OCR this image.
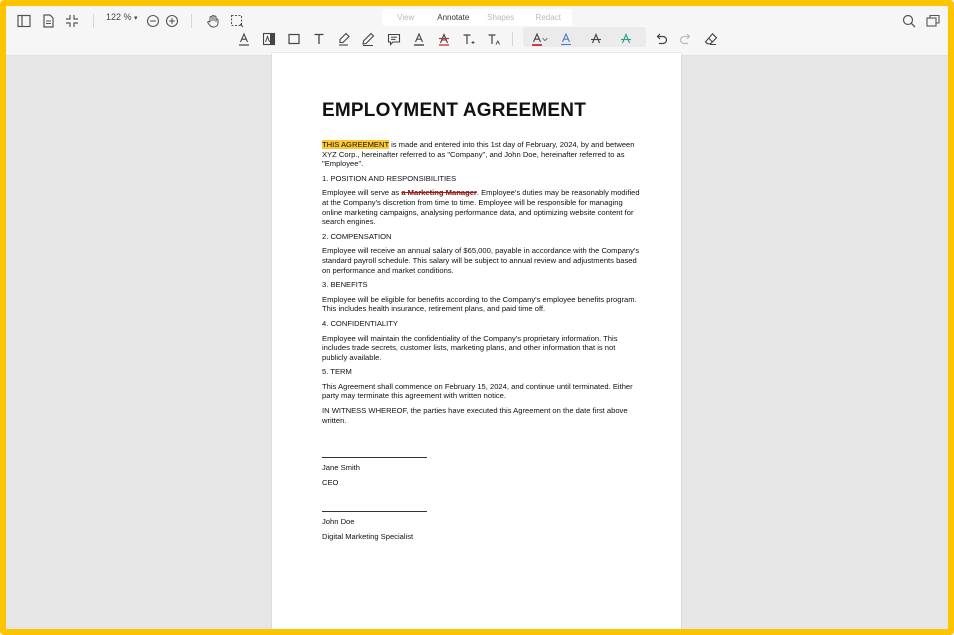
122 % ▾	View	Annotate	Shapes	Redact
EMPLOYMENT AGREEMENT

THIS AGREEMENT is made and entered into this 1st day of February, 2024, by and between XYZ Corp., hereinafter referred to as "Company", and John Doe, hereinafter referred to as "Employee".

1. POSITION AND RESPONSIBILITIES

Employee will serve as a Marketing Manager. Employee's duties may be reasonably modified at the Company's discretion from time to time. Employee will be responsible for managing online marketing campaigns, analysing performance data, and optimizing website content for search engines.

2. COMPENSATION

Employee will receive an annual salary of $65,000, payable in accordance with the Company's standard payroll schedule. This salary will be subject to annual review and adjustments based on performance and market conditions.

3. BENEFITS

Employee will be eligible for benefits according to the Company's employee benefits program. This includes health insurance, retirement plans, and paid time off.

4. CONFIDENTIALITY

Employee will maintain the confidentiality of the Company's proprietary information. This includes trade secrets, customer lists, marketing plans, and other information that is not publicly available.

5. TERM

This Agreement shall commence on February 15, 2024, and continue until terminated. Either party may terminate this agreement with written notice.

IN WITNESS WHEREOF, the parties have executed this Agreement on the date first above written.

Jane Smith

CEO

John Doe

Digital Marketing Specialist
